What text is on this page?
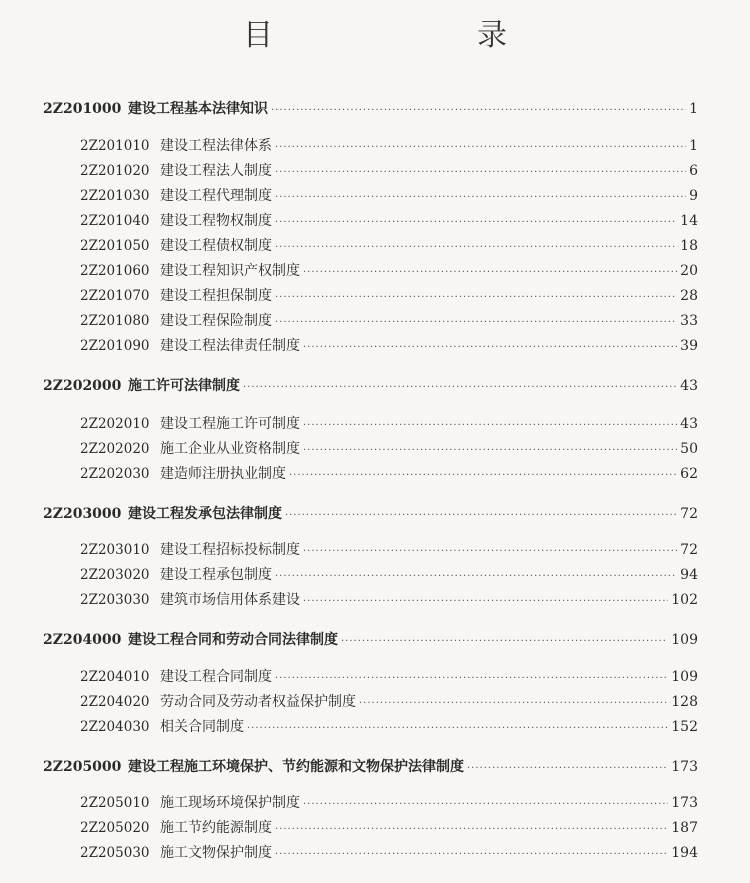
目　　录
2Z201000 建设工程基本法律知识 ·····	1
2Z201010 建设工程法律体系 ·····	1
2Z201020 建设工程法人制度 ·····	6
2Z201030 建设工程代理制度 ·····	9
2Z201040 建设工程物权制度 ·····	14
2Z201050 建设工程债权制度 ·····	18
2Z201060 建设工程知识产权制度 ·····	20
2Z201070 建设工程担保制度 ·····	28
2Z201080 建设工程保险制度 ·····	33
2Z201090 建设工程法律责任制度 ·····	39
2Z202000 施工许可法律制度 ·····	43
2Z202010 建设工程施工许可制度 ·····	43
2Z202020 施工企业从业资格制度 ·····	50
2Z202030 建造师注册执业制度 ·····	62
2Z203000 建设工程发承包法律制度 ·····	72
2Z203010 建设工程招标投标制度 ·····	72
2Z203020 建设工程承包制度 ·····	94
2Z203030 建筑市场信用体系建设 ·····	102
2Z204000 建设工程合同和劳动合同法律制度 ·····	109
2Z204010 建设工程合同制度 ·····	109
2Z204020 劳动合同及劳动者权益保护制度 ·····	128
2Z204030 相关合同制度 ·····	152
2Z205000 建设工程施工环境保护、节约能源和文物保护法律制度 ·····	173
2Z205010 施工现场环境保护制度 ·····	173
2Z205020 施工节约能源制度 ·····	187
2Z205030 施工文物保护制度 ·····	194
